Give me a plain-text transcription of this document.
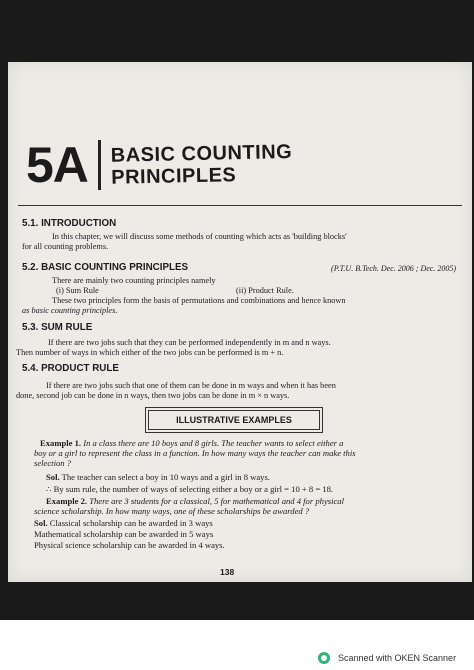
5A	BASIC COUNTING
PRINCIPLES
5.1. INTRODUCTION
In this chapter, we will discuss some methods of counting which acts as 'building blocks'
for all counting problems.
5.2. BASIC COUNTING PRINCIPLES	(P.T.U. B.Tech. Dec. 2006 ; Dec. 2005)
There are mainly two counting principles namely
(i) Sum Rule	(ii) Product Rule.
These two principles form the basis of permutations and combinations and hence known
as basic counting principles.
5.3. SUM RULE
If there are two jobs such that they can be performed independently in m and n ways.
Then number of ways in which either of the two jobs can be performed is m + n.
5.4. PRODUCT RULE
If there are two jobs such that one of them can be done in m ways and when it has been
done, second job can be done in n ways, then two jobs can be done in m × n ways.
ILLUSTRATIVE EXAMPLES
Example 1. In a class there are 10 boys and 8 girls. The teacher wants to select either a
boy or a girl to represent the class in a function. In how many ways the teacher can make this
selection ?
Sol. The teacher can select a boy in 10 ways and a girl in 8 ways.
∴ By sum rule, the number of ways of selecting either a boy or a girl = 10 + 8 = 18.
Example 2. There are 3 students for a classical, 5 for mathematical and 4 for physical
science scholarship. In how many ways, one of these scholarships be awarded ?
Sol. Classical scholarship can be awarded in 3 ways
Mathematical scholarship can be awarded in 5 ways
Physical science scholarship can be awarded in 4 ways.
138
Scanned with OKEN Scanner
